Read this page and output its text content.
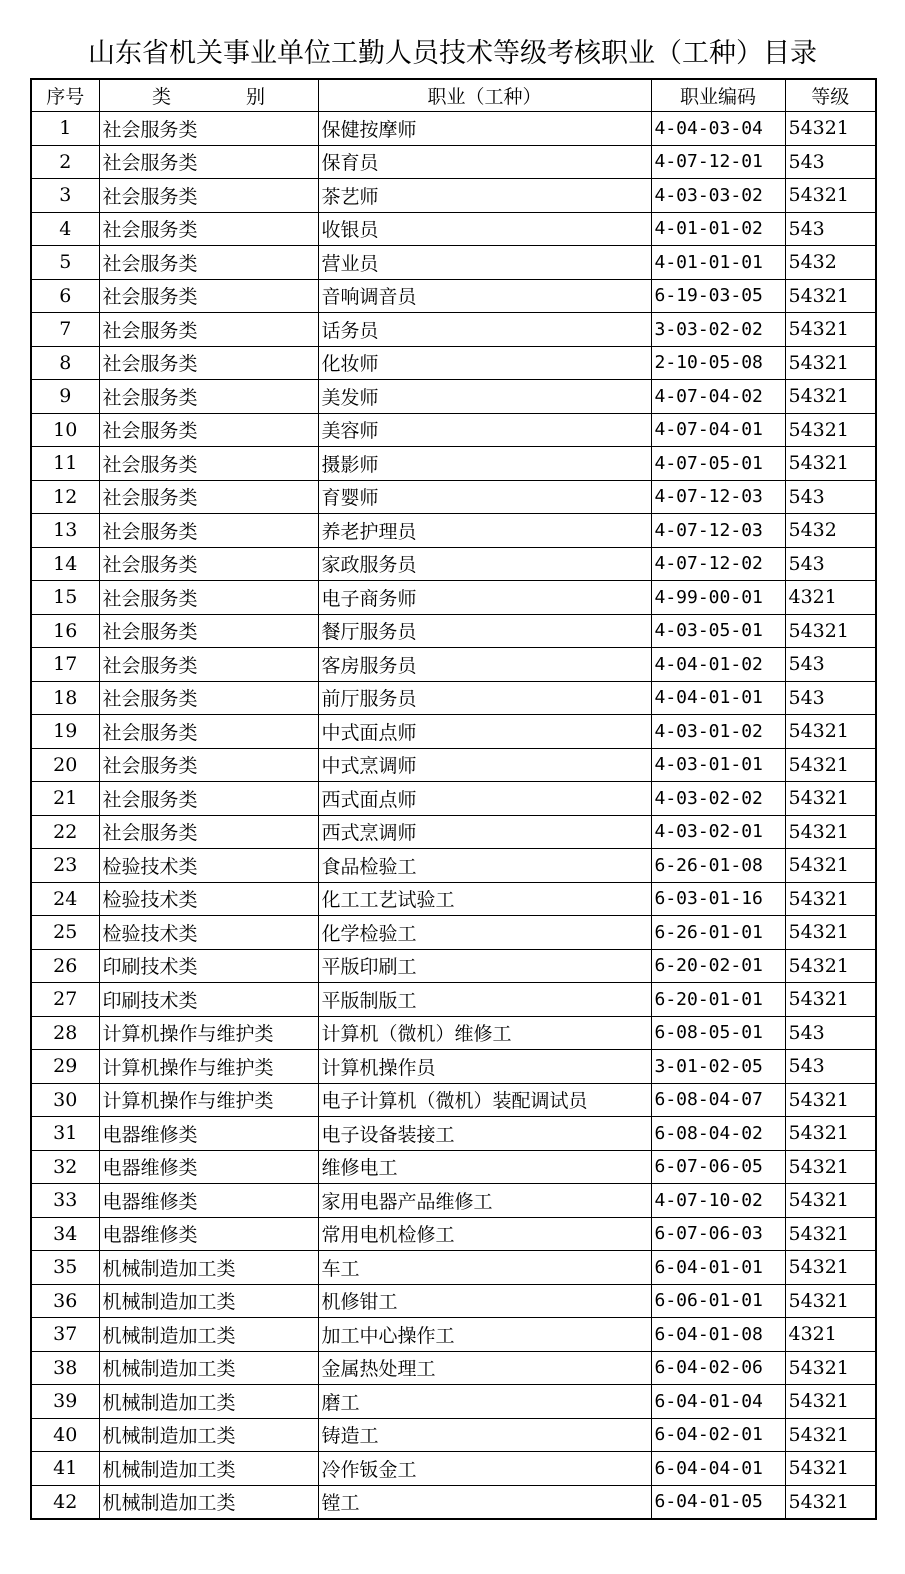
山东省机关事业单位工勤人员技术等级考核职业（工种）目录
序号	类　别	职业（工种）	职业编码	等级
1	社会服务类	保健按摩师	4-04-03-04	54321
2	社会服务类	保育员	4-07-12-01	543
3	社会服务类	茶艺师	4-03-03-02	54321
4	社会服务类	收银员	4-01-01-02	543
5	社会服务类	营业员	4-01-01-01	5432
6	社会服务类	音响调音员	6-19-03-05	54321
7	社会服务类	话务员	3-03-02-02	54321
8	社会服务类	化妆师	2-10-05-08	54321
9	社会服务类	美发师	4-07-04-02	54321
10	社会服务类	美容师	4-07-04-01	54321
11	社会服务类	摄影师	4-07-05-01	54321
12	社会服务类	育婴师	4-07-12-03	543
13	社会服务类	养老护理员	4-07-12-03	5432
14	社会服务类	家政服务员	4-07-12-02	543
15	社会服务类	电子商务师	4-99-00-01	4321
16	社会服务类	餐厅服务员	4-03-05-01	54321
17	社会服务类	客房服务员	4-04-01-02	543
18	社会服务类	前厅服务员	4-04-01-01	543
19	社会服务类	中式面点师	4-03-01-02	54321
20	社会服务类	中式烹调师	4-03-01-01	54321
21	社会服务类	西式面点师	4-03-02-02	54321
22	社会服务类	西式烹调师	4-03-02-01	54321
23	检验技术类	食品检验工	6-26-01-08	54321
24	检验技术类	化工工艺试验工	6-03-01-16	54321
25	检验技术类	化学检验工	6-26-01-01	54321
26	印刷技术类	平版印刷工	6-20-02-01	54321
27	印刷技术类	平版制版工	6-20-01-01	54321
28	计算机操作与维护类	计算机（微机）维修工	6-08-05-01	543
29	计算机操作与维护类	计算机操作员	3-01-02-05	543
30	计算机操作与维护类	电子计算机（微机）装配调试员	6-08-04-07	54321
31	电器维修类	电子设备装接工	6-08-04-02	54321
32	电器维修类	维修电工	6-07-06-05	54321
33	电器维修类	家用电器产品维修工	4-07-10-02	54321
34	电器维修类	常用电机检修工	6-07-06-03	54321
35	机械制造加工类	车工	6-04-01-01	54321
36	机械制造加工类	机修钳工	6-06-01-01	54321
37	机械制造加工类	加工中心操作工	6-04-01-08	4321
38	机械制造加工类	金属热处理工	6-04-02-06	54321
39	机械制造加工类	磨工	6-04-01-04	54321
40	机械制造加工类	铸造工	6-04-02-01	54321
41	机械制造加工类	冷作钣金工	6-04-04-01	54321
42	机械制造加工类	镗工	6-04-01-05	54321
